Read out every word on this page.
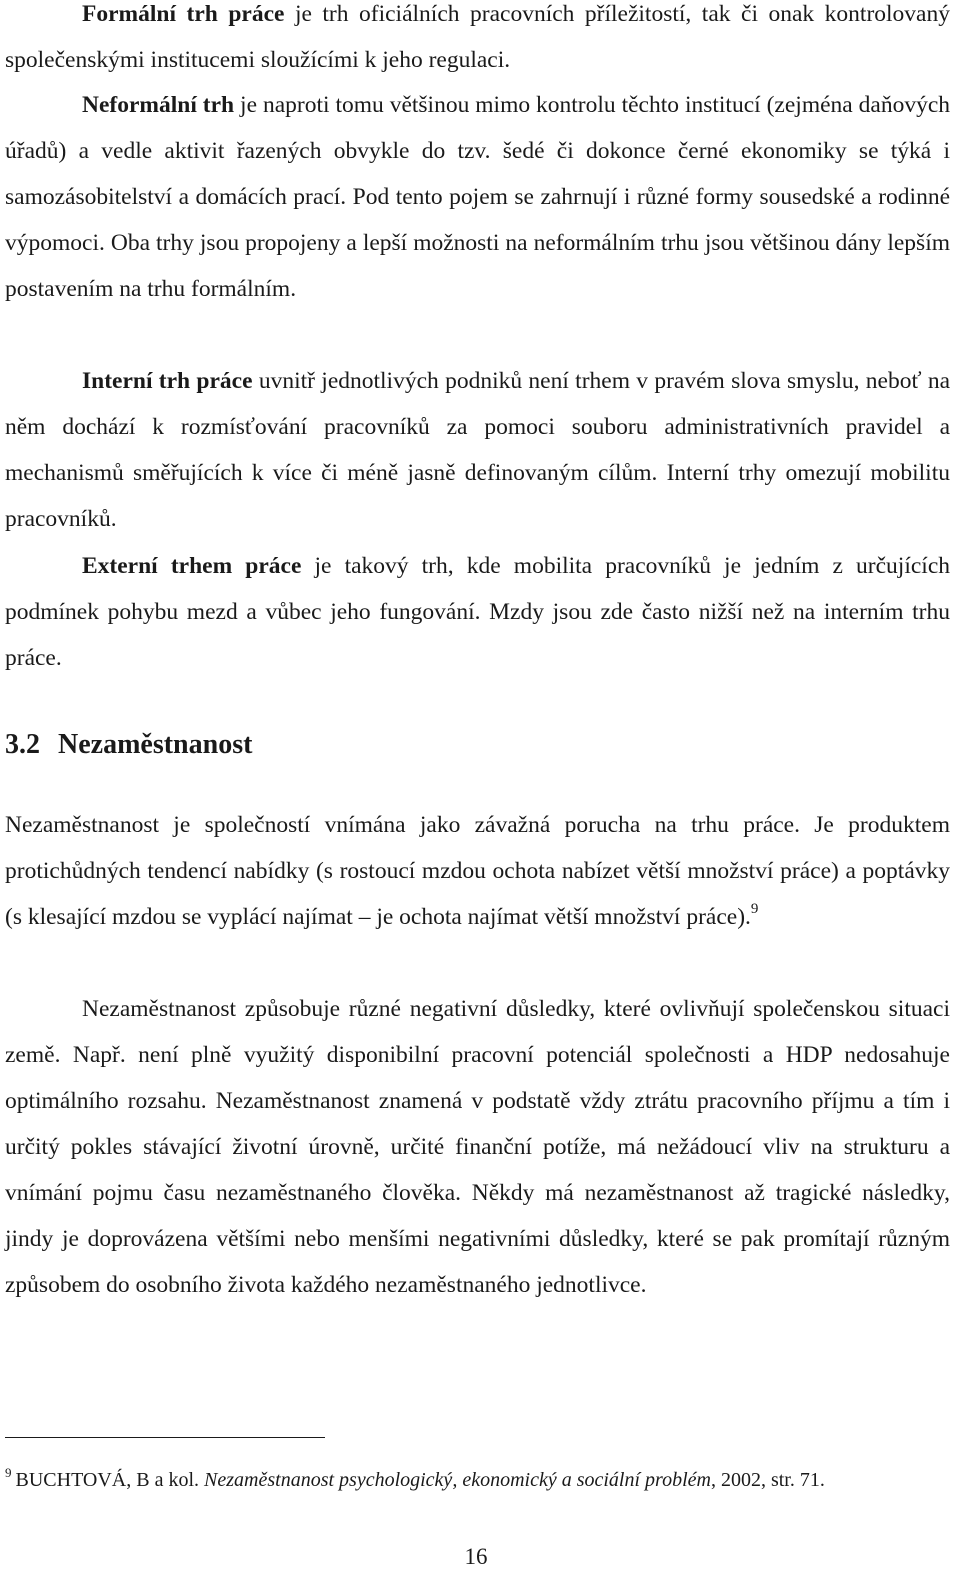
Formální trh práce je trh oficiálních pracovních příležitostí, tak či onak kontrolovaný společenskými institucemi sloužícími k jeho regulaci.

Neformální trh je naproti tomu většinou mimo kontrolu těchto institucí (zejména daňových úřadů) a vedle aktivit řazených obvykle do tzv. šedé či dokonce černé ekonomiky se týká i samozásobitelství a domácích prací. Pod tento pojem se zahrnují i různé formy sousedské a rodinné výpomoci. Oba trhy jsou propojeny a lepší možnosti na neformálním trhu jsou většinou dány lepším postavením na trhu formálním.

Interní trh práce uvnitř jednotlivých podniků není trhem v pravém slova smyslu, neboť na něm dochází k rozmísťování pracovníků za pomoci souboru administrativních pravidel a mechanismů směřujících k více či méně jasně definovaným cílům. Interní trhy omezují mobilitu pracovníků.

Externí trhem práce je takový trh, kde mobilita pracovníků je jedním z určujících podmínek pohybu mezd a vůbec jeho fungování. Mzdy jsou zde často nižší než na interním trhu práce.

3.2 Nezaměstnanost

Nezaměstnanost je společností vnímána jako závažná porucha na trhu práce. Je produktem protichůdných tendencí nabídky (s rostoucí mzdou ochota nabízet větší množství práce) a poptávky (s klesající mzdou se vyplácí najímat – je ochota najímat větší množství práce).$^9$

Nezaměstnanost způsobuje různé negativní důsledky, které ovlivňují společenskou situaci země. Např. není plně využitý disponibilní pracovní potenciál společnosti a HDP nedosahuje optimálního rozsahu. Nezaměstnanost znamená v podstatě vždy ztrátu pracovního příjmu a tím i určitý pokles stávající životní úrovně, určité finanční potíže, má nežádoucí vliv na strukturu a vnímání pojmu času nezaměstnaného člověka. Někdy má nezaměstnanost až tragické následky, jindy je doprovázena většími nebo menšími negativními důsledky, které se pak promítají různým způsobem do osobního života každého nezaměstnaného jednotlivce.

$^9$ BUCHTOVÁ, B a kol. Nezaměstnanost psychologický, ekonomický a sociální problém, 2002, str. 71.

16
